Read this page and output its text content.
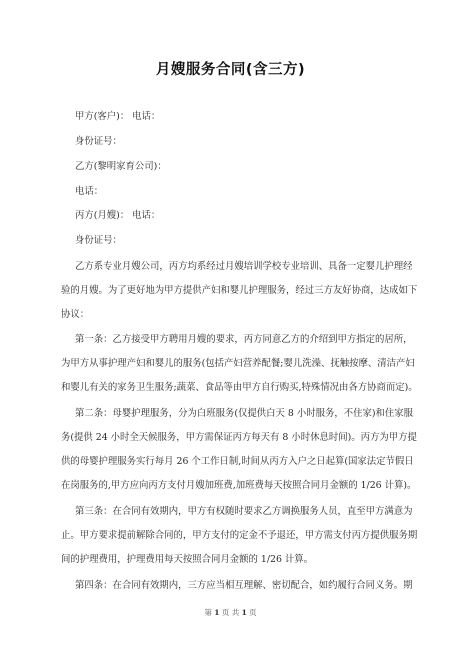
月嫂服务合同(含三方)
甲方(客户)： 电话：
身份证号：
乙方(黎明家育公司)：
电话：
丙方(月嫂)： 电话：
身份证号：
乙方系专业月嫂公司，丙方均系经过月嫂培训学校专业培训、具备一定婴儿护理经
验的月嫂。为了更好地为甲方提供产妇和婴儿护理服务，经过三方友好协商，达成如下
协议：
第一条：乙方接受甲方聘用月嫂的要求，丙方同意乙方的介绍到甲方指定的居所，
为甲方从事护理产妇和婴儿的服务(包括产妇营养配餐;婴儿洗澡、抚触按摩、清洁产妇
和婴儿有关的家务卫生服务;蔬菜、食品等由甲方自行购买,特殊情况由各方协商而定)。
第二条：母婴护理服务，分为白班服务(仅提供白天 8 小时服务，不住家)和住家服
务(提供 24 小时全天候服务，甲方需保证丙方每天有 8 小时休息时间)。丙方为甲方提
供的母婴护理服务实行每月 26 个工作日制,时间从丙方入户之日起算(国家法定节假日
在岗服务的,甲方应向丙方支付月嫂加班费,加班费每天按照合同月金额的 1/26 计算)。
第三条：在合同有效期内，甲方有权随时要求乙方调换服务人员，直至甲方满意为
止。甲方要求提前解除合同的，甲方支付的定金不予退还，甲方需支付丙方提供服务期
间的护理费用，护理费用每天按照合同月金额的 1/26 计算。
第四条：在合同有效期内，三方应当相互理解、密切配合，如约履行合同义务。期
第 1 页 共 1 页
